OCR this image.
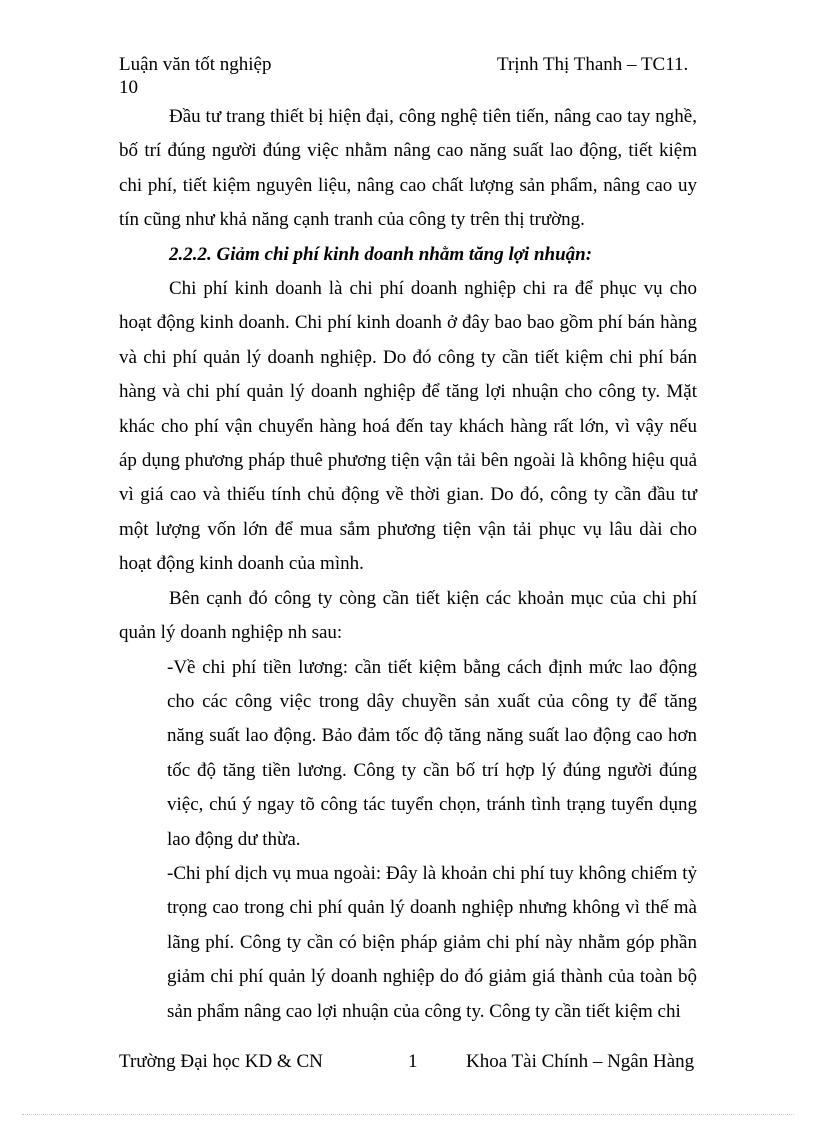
Luận văn tốt nghiệp	Trịnh Thị Thanh – TC11.
10

Đầu tư trang thiết bị hiện đại, công nghệ tiên tiến, nâng cao tay nghề, bố trí đúng người đúng việc nhằm nâng cao năng suất lao động, tiết kiệm chi phí, tiết kiệm nguyên liệu, nâng cao chất lượng sản phẩm, nâng cao uy tín cũng như khả năng cạnh tranh của công ty trên thị trường.

2.2.2. Giảm chi phí kinh doanh nhằm tăng lợi nhuận:

Chi phí kinh doanh là chi phí doanh nghiệp chi ra để phục vụ cho hoạt động kinh doanh. Chi phí kinh doanh ở đây bao bao gồm phí bán hàng và chi phí quản lý doanh nghiệp. Do đó công ty cần tiết kiệm chi phí bán hàng và chi phí quản lý doanh nghiệp để tăng lợi nhuận cho công ty. Mặt khác cho phí vận chuyển hàng hoá đến tay khách hàng rất lớn, vì vậy nếu áp dụng phương pháp thuê phương tiện vận tải bên ngoài là không hiệu quả vì giá cao và thiếu tính chủ động về thời gian. Do đó, công ty cần đầu tư một lượng vốn lớn để mua sắm phương tiện vận tải phục vụ lâu dài cho hoạt động kinh doanh của mình.

Bên cạnh đó công ty còng cần tiết kiện các khoản mục của chi phí quản lý doanh nghiệp nh sau:

-Về chi phí tiền lương: cần tiết kiệm bằng cách định mức lao động cho các công việc trong dây chuyền sản xuất của công ty để tăng năng suất lao động. Bảo đảm tốc độ tăng năng suất lao động cao hơn tốc độ tăng tiền lương. Công ty cần bố trí hợp lý đúng người đúng việc, chú ý ngay tõ công tác tuyển chọn, tránh tình trạng tuyển dụng lao động dư thừa.

-Chi phí dịch vụ mua ngoài: Đây là khoản chi phí tuy không chiếm tỷ trọng cao trong chi phí quản lý doanh nghiệp nhưng không vì thế mà lãng phí. Công ty cần có biện pháp giảm chi phí này nhằm góp phần giảm chi phí quản lý doanh nghiệp do đó giảm giá thành của toàn bộ sản phẩm nâng cao lợi nhuận của công ty. Công ty cần tiết kiệm chi

Trường Đại học KD & CN	1	Khoa Tài Chính – Ngân Hàng
